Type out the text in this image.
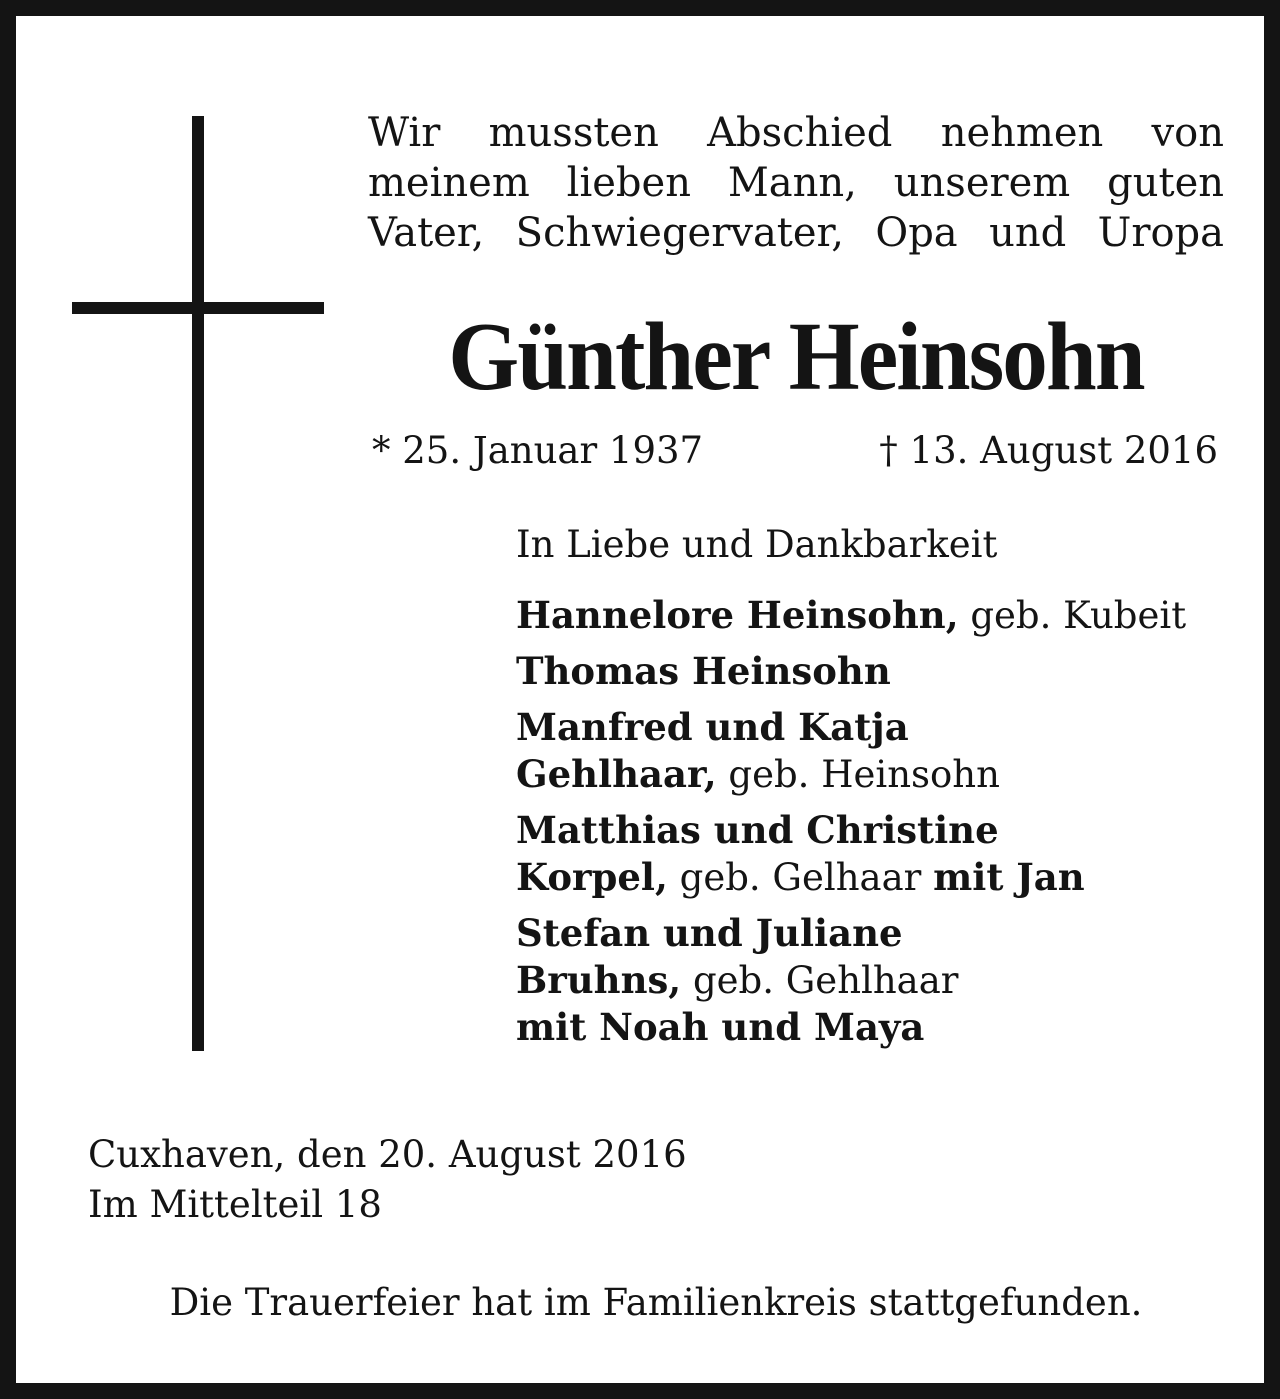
Wir mussten Abschied nehmen von
meinem lieben Mann, unserem guten
Vater, Schwiegervater, Opa und Uropa
Günther Heinsohn
* 25. Januar 1937	† 13. August 2016
In Liebe und Dankbarkeit
Hannelore Heinsohn, geb. Kubeit
Thomas Heinsohn
Manfred und Katja
Gehlhaar, geb. Heinsohn
Matthias und Christine
Korpel, geb. Gelhaar mit Jan
Stefan und Juliane
Bruhns, geb. Gehlhaar
mit Noah und Maya
Cuxhaven, den 20. August 2016
Im Mittelteil 18
Die Trauerfeier hat im Familienkreis stattgefunden.
